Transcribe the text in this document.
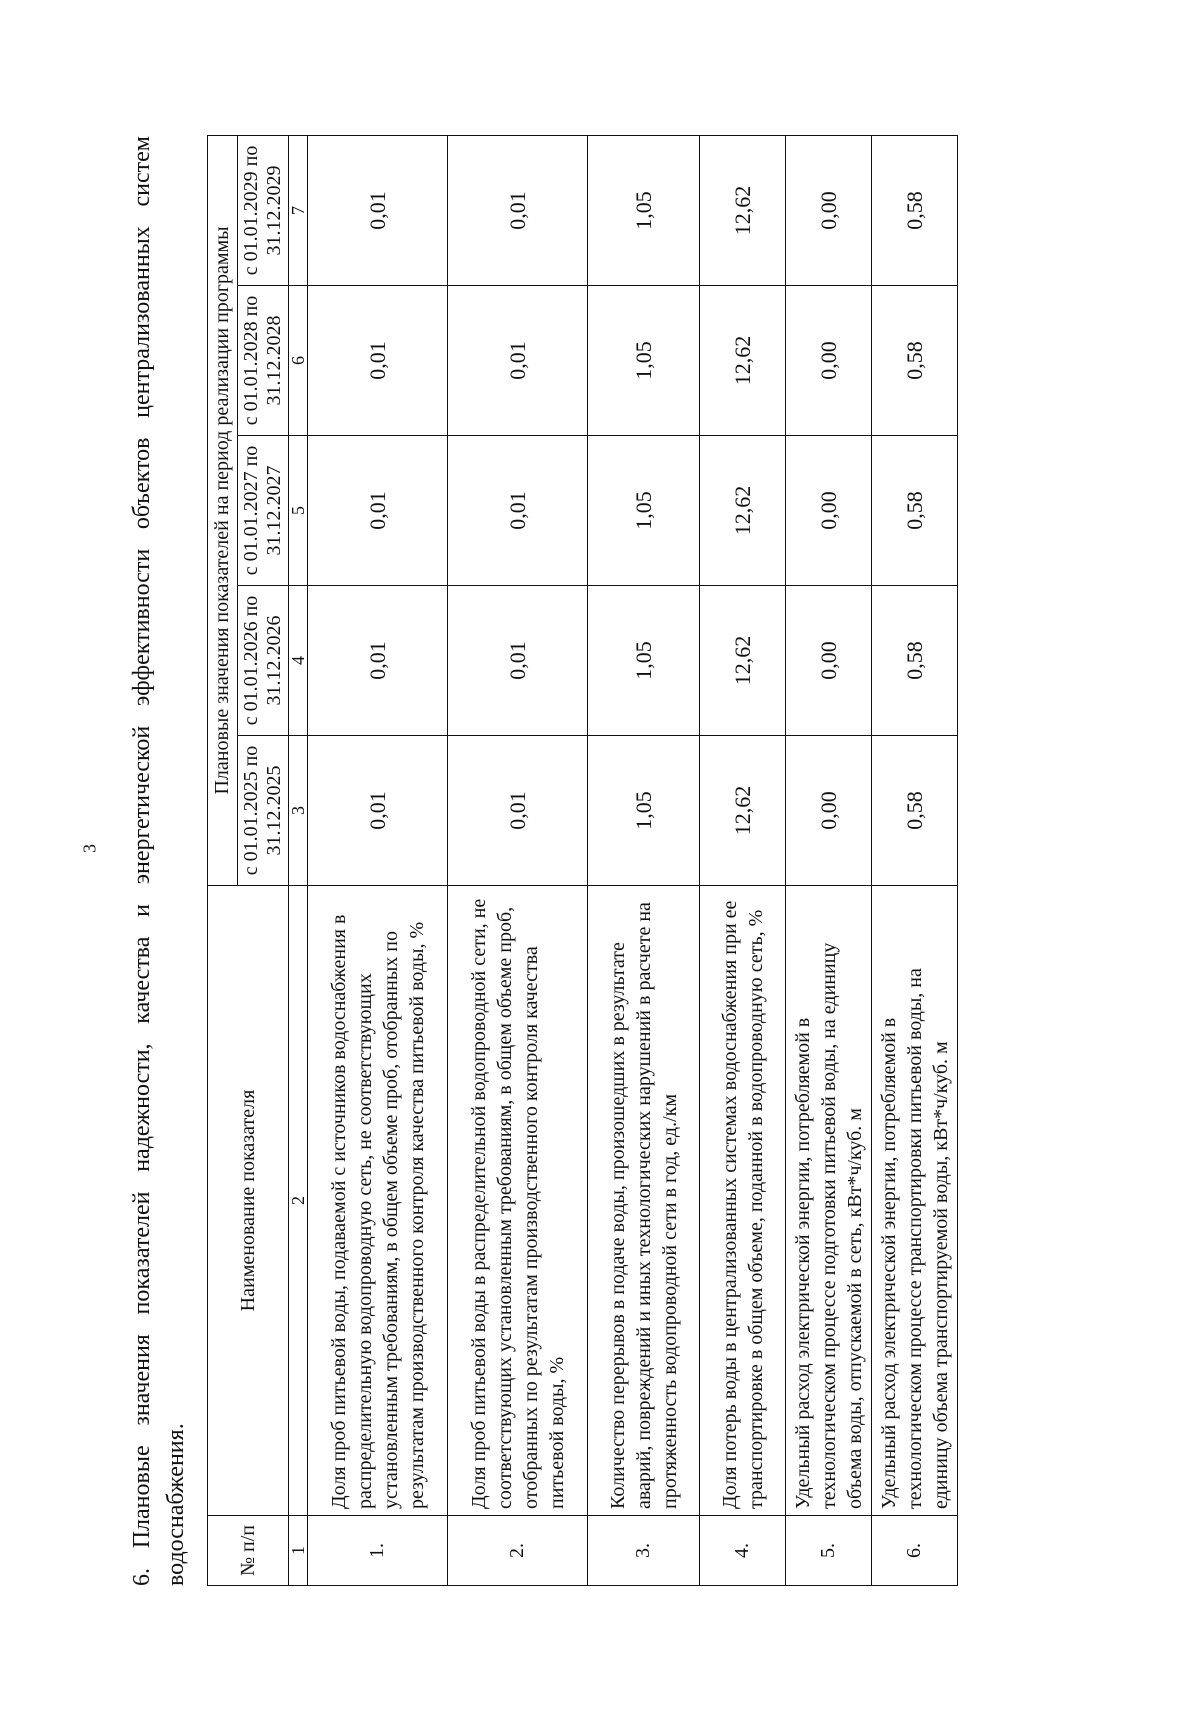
3 6. Плановые значения показателей надежности, качества и энергетической эффективности объектов централизованных систем водоснабжения. № п/п	Наименование показателя	Плановые значения показателей на период реализации программы				
		с 01.01.2025 по 31.12.2025	с 01.01.2026 по 31.12.2026	с 01.01.2027 по 31.12.2027	с 01.01.2028 по 31.12.2028	с 01.01.2029 по 31.12.2029
1	2	3	4	5	6	7
1.	Доля проб питьевой воды, подаваемой с источников водоснабжения в распределительную водопроводную сеть, не соответствующих установленным требованиям, в общем объеме проб, отобранных по результатам производственного контроля качества питьевой воды, %	0,01	0,01	0,01	0,01	0,01
2.	Доля проб питьевой воды в распределительной водопроводной сети, не соответствующих установленным требованиям, в общем объеме проб, отобранных по результатам производственного контроля качества питьевой воды, %	0,01	0,01	0,01	0,01	0,01
3.	Количество перерывов в подаче воды, произошедших в результате аварий, повреждений и иных технологических нарушений в расчете на протяженность водопроводной сети в год, ед./км	1,05	1,05	1,05	1,05	1,05
4.	Доля потерь воды в централизованных системах водоснабжения при ее транспортировке в общем объеме, поданной в водопроводную сеть, %	12,62	12,62	12,62	12,62	12,62
5.	Удельный расход электрической энергии, потребляемой в технологическом процессе подготовки питьевой воды, на единицу объема воды, отпускаемой в сеть, кВт*ч/куб. м	0,00	0,00	0,00	0,00	0,00
6.	Удельный расход электрической энергии, потребляемой в технологическом процессе транспортировки питьевой воды, на единицу объема транспортируемой воды, кВт*ч/куб. м	0,58	0,58	0,58	0,58	0,58
